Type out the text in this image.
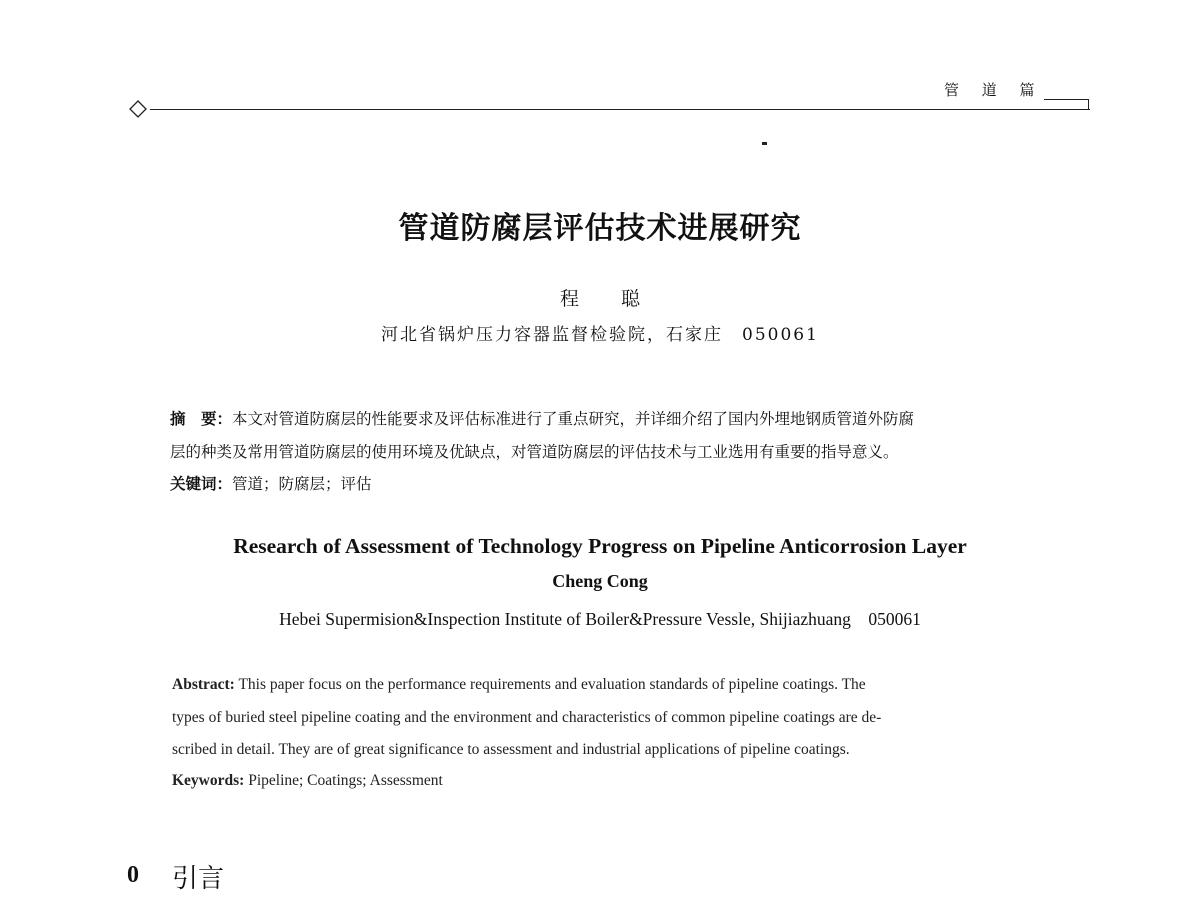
管 道 篇
管道防腐层评估技术进展研究
程 聪
河北省锅炉压力容器监督检验院，石家庄　050061
摘　要：本文对管道防腐层的性能要求及评估标准进行了重点研究，并详细介绍了国内外埋地钢质管道外防腐
层的种类及常用管道防腐层的使用环境及优缺点，对管道防腐层的评估技术与工业选用有重要的指导意义。
关键词：管道；防腐层；评估
Research of Assessment of Technology Progress on Pipeline Anticorrosion Layer
Cheng Cong
Hebei Supermision&Inspection Institute of Boiler&Pressure Vessle, Shijiazhuang　050061
Abstract: This paper focus on the performance requirements and evaluation standards of pipeline coatings. The
types of buried steel pipeline coating and the environment and characteristics of common pipeline coatings are de-
scribed in detail. They are of great significance to assessment and industrial applications of pipeline coatings.
Keywords: Pipeline; Coatings; Assessment
0 引言
